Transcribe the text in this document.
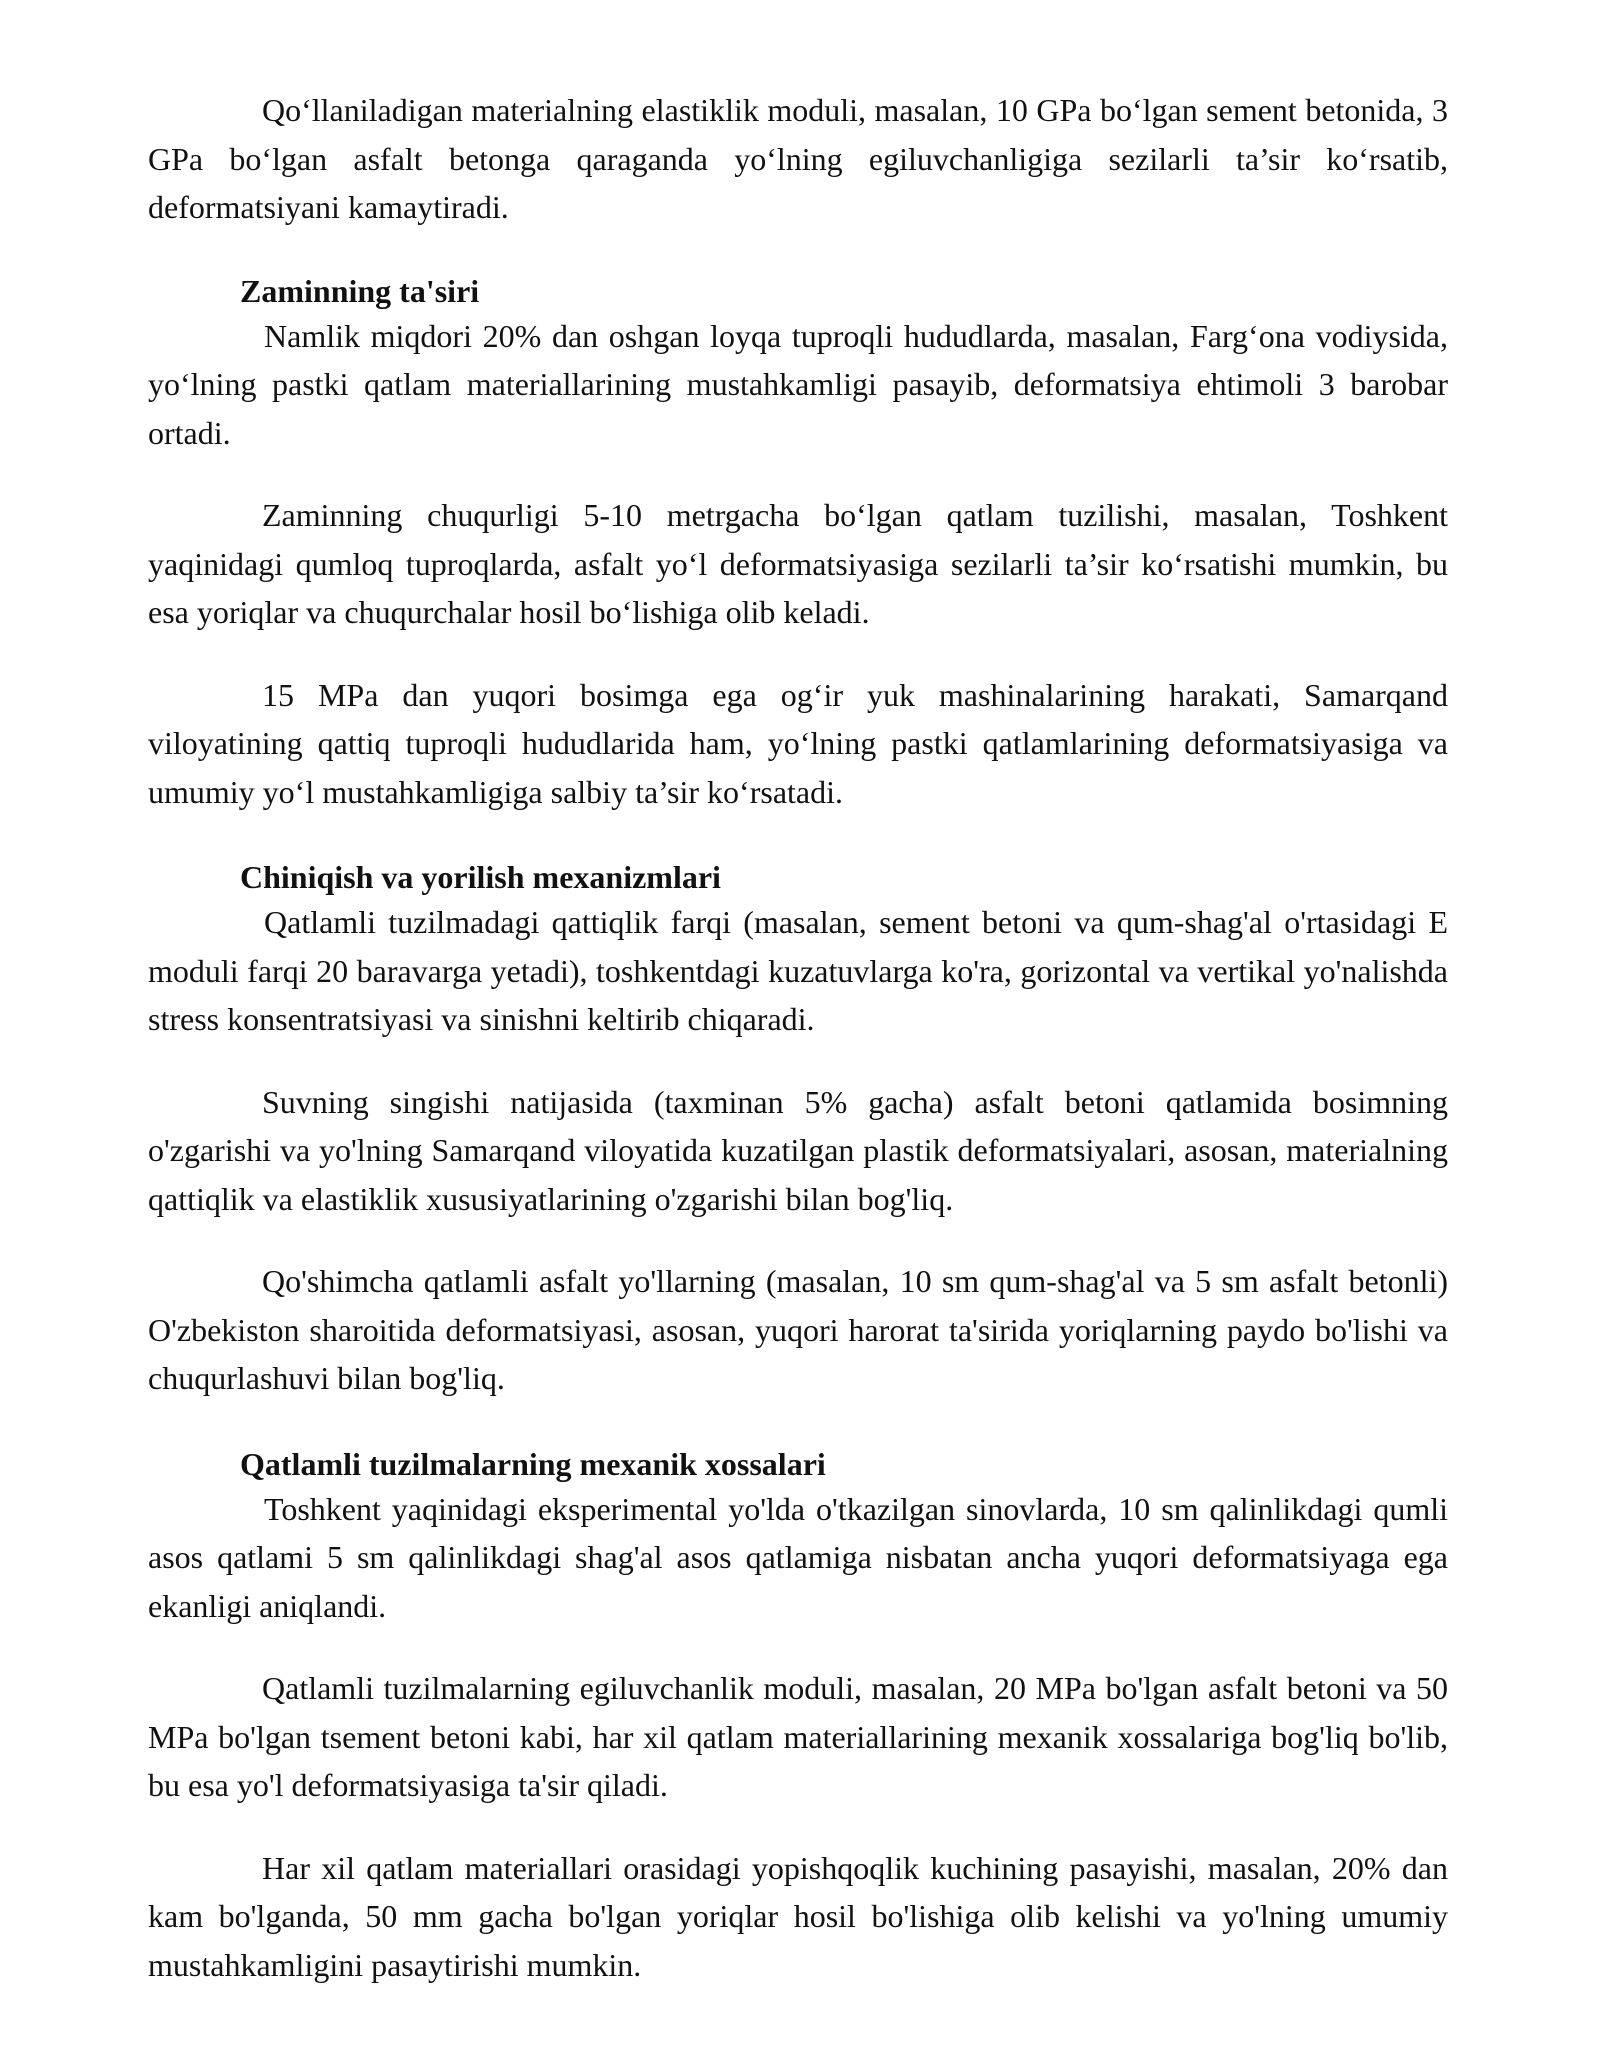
Qo‘llaniladigan materialning elastiklik moduli, masalan, 10 GPa bo‘lgan sement betonida, 3 GPa bo‘lgan asfalt betonga qaraganda yo‘lning egiluvchanligiga sezilarli ta’sir ko‘rsatib, deformatsiyani kamaytiradi.

Zaminning ta'siri

Namlik miqdori 20% dan oshgan loyqa tuproqli hududlarda, masalan, Farg‘ona vodiysida, yo‘lning pastki qatlam materiallarining mustahkamligi pasayib, deformatsiya ehtimoli 3 barobar ortadi.

Zaminning chuqurligi 5-10 metrgacha bo‘lgan qatlam tuzilishi, masalan, Toshkent yaqinidagi qumloq tuproqlarda, asfalt yo‘l deformatsiyasiga sezilarli ta’sir ko‘rsatishi mumkin, bu esa yoriqlar va chuqurchalar hosil bo‘lishiga olib keladi.

15 MPa dan yuqori bosimga ega og‘ir yuk mashinalarining harakati, Samarqand viloyatining qattiq tuproqli hududlarida ham, yo‘lning pastki qatlamlarining deformatsiyasiga va umumiy yo‘l mustahkamligiga salbiy ta’sir ko‘rsatadi.

Chiniqish va yorilish mexanizmlari

Qatlamli tuzilmadagi qattiqlik farqi (masalan, sement betoni va qum-shag'al o'rtasidagi E moduli farqi 20 baravarga yetadi), toshkentdagi kuzatuvlarga ko'ra, gorizontal va vertikal yo'nalishda stress konsentratsiyasi va sinishni keltirib chiqaradi.

Suvning singishi natijasida (taxminan 5% gacha) asfalt betoni qatlamida bosimning o'zgarishi va yo'lning Samarqand viloyatida kuzatilgan plastik deformatsiyalari, asosan, materialning qattiqlik va elastiklik xususiyatlarining o'zgarishi bilan bog'liq.

Qo'shimcha qatlamli asfalt yo'llarning (masalan, 10 sm qum-shag'al va 5 sm asfalt betonli) O'zbekiston sharoitida deformatsiyasi, asosan, yuqori harorat ta'sirida yoriqlarning paydo bo'lishi va chuqurlashuvi bilan bog'liq.

Qatlamli tuzilmalarning mexanik xossalari

Toshkent yaqinidagi eksperimental yo'lda o'tkazilgan sinovlarda, 10 sm qalinlikdagi qumli asos qatlami 5 sm qalinlikdagi shag'al asos qatlamiga nisbatan ancha yuqori deformatsiyaga ega ekanligi aniqlandi.

Qatlamli tuzilmalarning egiluvchanlik moduli, masalan, 20 MPa bo'lgan asfalt betoni va 50 MPa bo'lgan tsement betoni kabi, har xil qatlam materiallarining mexanik xossalariga bog'liq bo'lib, bu esa yo'l deformatsiyasiga ta'sir qiladi.

Har xil qatlam materiallari orasidagi yopishqoqlik kuchining pasayishi, masalan, 20% dan kam bo'lganda, 50 mm gacha bo'lgan yoriqlar hosil bo'lishiga olib kelishi va yo'lning umumiy mustahkamligini pasaytirishi mumkin.
